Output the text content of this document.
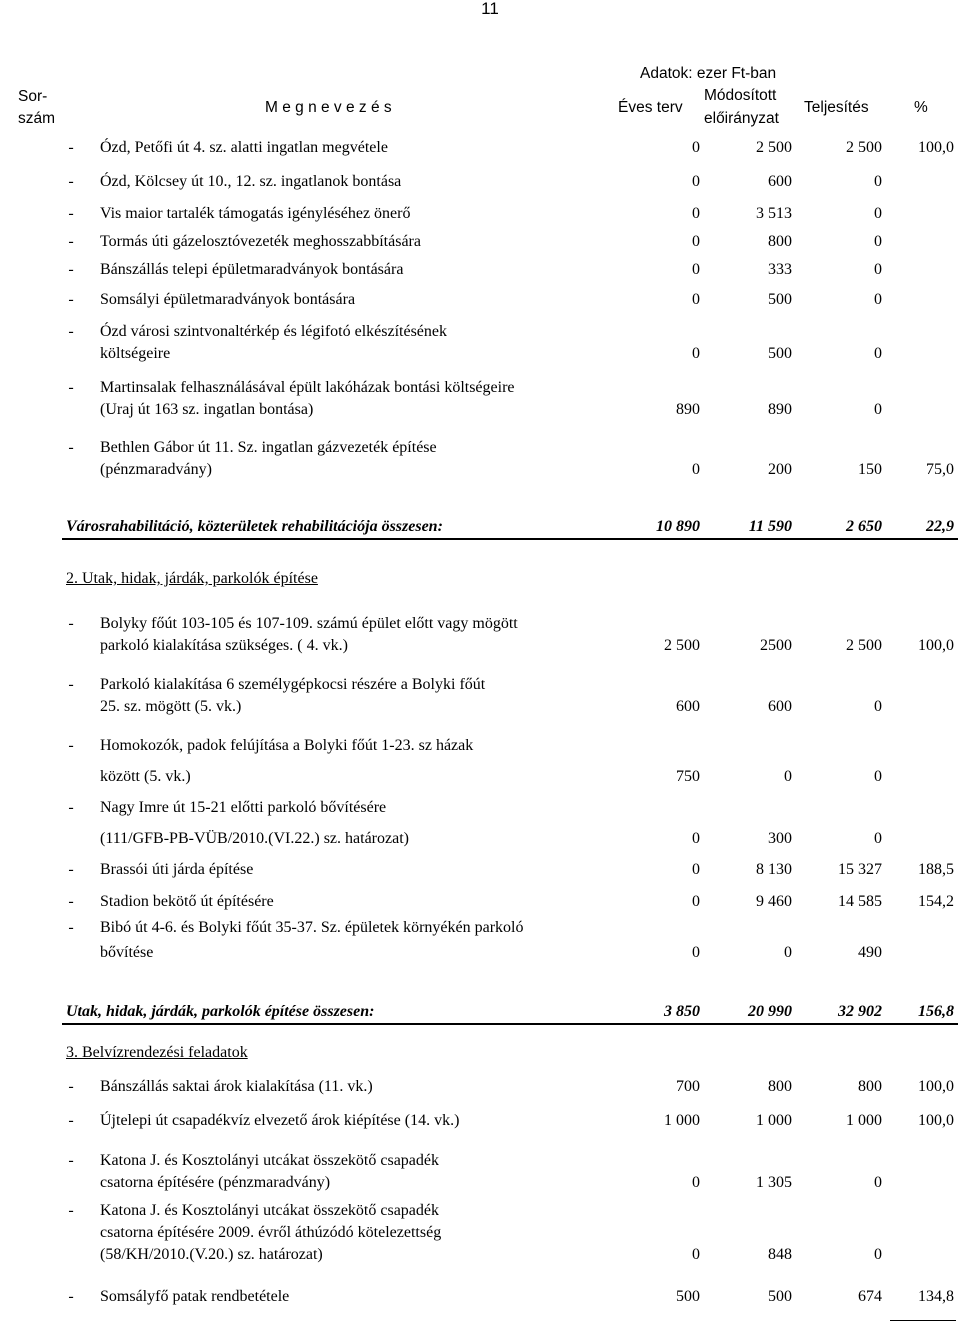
11
Adatok: ezer Ft-ban
Sor-
szám
M e g n e v e z é s	Éves terv
Módosított
előirányzat
Teljesítés	%
- Ózd, Petőfi út 4. sz. alatti ingatlan megvétele	0	2 500	2 500	100,0
- Ózd, Kölcsey út 10., 12. sz. ingatlanok bontása	0	600	0
- Vis maior tartalék támogatás igényléséhez önerő	0	3 513	0
- Tormás úti gázelosztóvezeték meghosszabbítására	0	800	0
- Bánszállás telepi épületmaradványok bontására	0	333	0
- Somsályi épületmaradványok bontására	0	500	0
- Ózd városi szintvonaltérkép és légifotó elkészítésének
költségeire	0	500	0
- Martinsalak felhasználásával épült lakóházak bontási költségeire
(Uraj út 163 sz. ingatlan bontása)	890	890	0
- Bethlen Gábor út 11. Sz. ingatlan gázvezeték építése
(pénzmaradvány)	0	200	150	75,0
Városrahabilitáció, közterületek rehabilitációja összesen:	10 890	11 590	2 650	22,9
2. Utak, hidak, járdák, parkolók építése
- Bolyky főút 103-105 és 107-109. számú épület előtt vagy mögött
parkoló kialakítása szükséges. ( 4. vk.)	2 500	2500	2 500	100,0
- Parkoló kialakítása 6 személygépkocsi részére a Bolyki főút
25. sz. mögött (5. vk.)	600	600	0
- Homokozók, padok felújítása a Bolyki főút 1-23. sz házak
között (5. vk.)	750	0	0
- Nagy Imre út 15-21 előtti parkoló bővítésére
(111/GFB-PB-VÜB/2010.(VI.22.) sz. határozat)	0	300	0
- Brassói úti járda építése	0	8 130	15 327	188,5
- Stadion bekötő út építésére	0	9 460	14 585	154,2
- Bibó út 4-6. és Bolyki főút 35-37. Sz. épületek környékén parkoló
bővítése	0	0	490
Utak, hidak, járdák, parkolók építése összesen:	3 850	20 990	32 902	156,8
3. Belvízrendezési feladatok
- Bánszállás saktai árok kialakítása (11. vk.)	700	800	800	100,0
- Újtelepi út csapadékvíz elvezető árok kiépítése (14. vk.)	1 000	1 000	1 000	100,0
- Katona J. és Kosztolányi utcákat összekötő csapadék
csatorna építésére (pénzmaradvány)	0	1 305	0
- Katona J. és Kosztolányi utcákat összekötő csapadék
csatorna építésére 2009. évről áthúzódó kötelezettség
(58/KH/2010.(V.20.) sz. határozat)	0	848	0
- Somsályfő patak rendbetétele	500	500	674	134,8
